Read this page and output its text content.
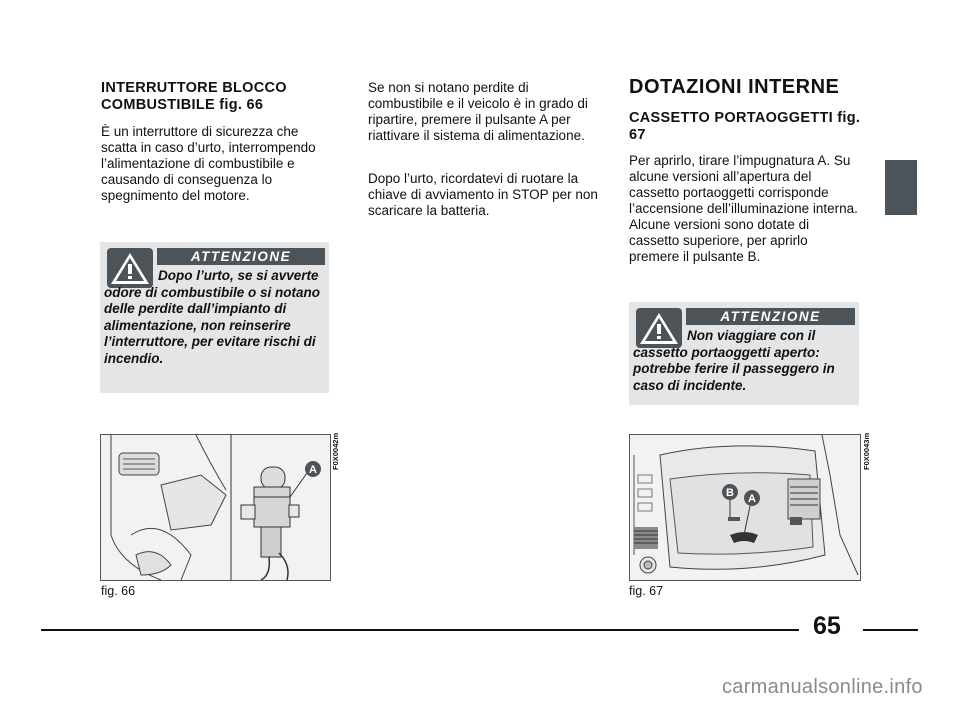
INTERRUTTORE BLOCCO COMBUSTIBILE fig. 66
È un interruttore di sicurezza che scatta in caso d’urto, interrompendo l’alimentazione di combustibile e causando di conseguenza lo spegnimento del motore.
ATTENZIONE
Dopo l’urto, se si avverte odore di combustibile o si notano delle perdite dall’impianto di alimentazione, non reinserire l’interruttore, per evitare rischi di incendio.
A F0X0042m
fig. 66
Se non si notano perdite di combustibile e il veicolo è in grado di ripartire, premere il pulsante A per riattivare il sistema di alimentazione.
Dopo l’urto, ricordatevi di ruotare la chiave di avviamento in STOP per non scaricare la batteria.
DOTAZIONI INTERNE
CASSETTO PORTAOGGETTI fig. 67
Per aprirlo, tirare l’impugnatura A. Su alcune versioni all’apertura del cassetto portaoggetti corrisponde l’accensione dell’illuminazione interna. Alcune versioni sono dotate di cassetto superiore, per aprirlo premere il pulsante B.
ATTENZIONE
Non viaggiare con il cassetto portaoggetti aperto: potrebbe ferire il passeggero in caso di incidente.
B A
F0X0043m
fig. 67
65
carmanualsonline.info
